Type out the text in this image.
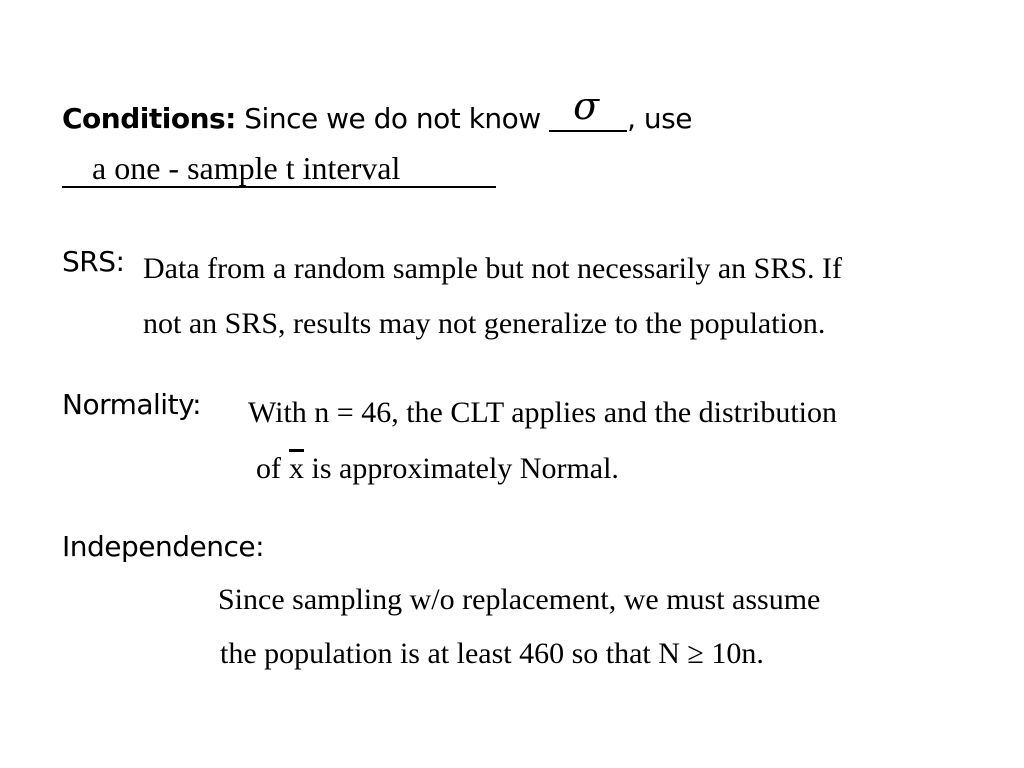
Conditions: Since we do not know σ , use
a one - sample t interval
SRS: Data from a random sample but not necessarily an SRS. If
not an SRS, results may not generalize to the population.
Normality: With n = 46, the CLT applies and the distribution
of $\overline{x}$ is approximately Normal.
Independence:
Since sampling w/o replacement, we must assume
the population is at least 460 so that N ≥ 10n.
